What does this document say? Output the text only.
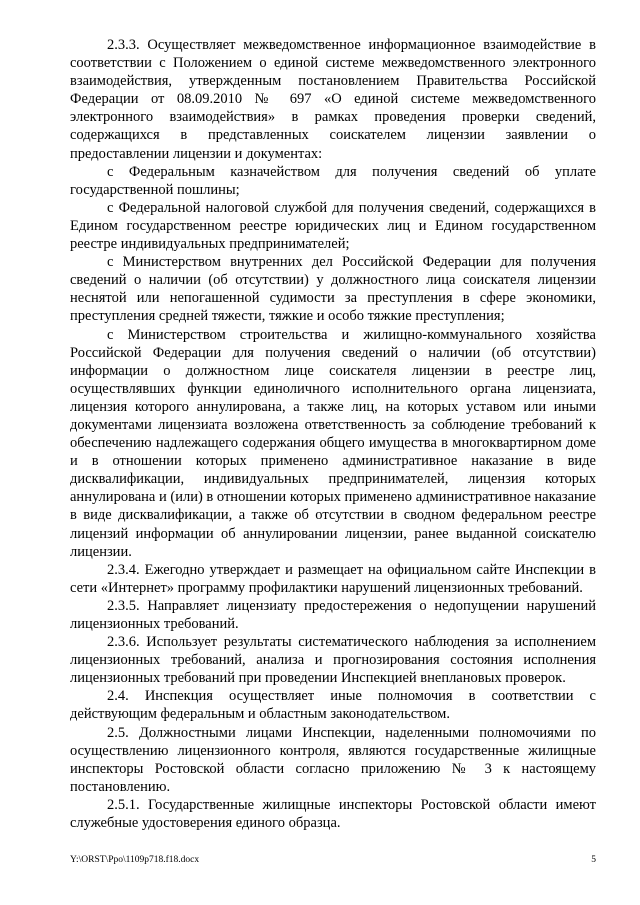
2.3.3. Осуществляет межведомственное информационное взаимодействие в соответствии с Положением о единой системе межведомственного электронного взаимодействия, утвержденным постановлением Правительства Российской Федерации от 08.09.2010 № 697 «О единой системе межведомственного электронного взаимодействия» в рамках проведения проверки сведений, содержащихся в представленных соискателем лицензии заявлении о предоставлении лицензии и документах:

с Федеральным казначейством для получения сведений об уплате государственной пошлины;

с Федеральной налоговой службой для получения сведений, содержащихся в Едином государственном реестре юридических лиц и Едином государственном реестре индивидуальных предпринимателей;

с Министерством внутренних дел Российской Федерации для получения сведений о наличии (об отсутствии) у должностного лица соискателя лицензии неснятой или непогашенной судимости за преступления в сфере экономики, преступления средней тяжести, тяжкие и особо тяжкие преступления;

с Министерством строительства и жилищно-коммунального хозяйства Российской Федерации для получения сведений о наличии (об отсутствии) информации о должностном лице соискателя лицензии в реестре лиц, осуществлявших функции единоличного исполнительного органа лицензиата, лицензия которого аннулирована, а также лиц, на которых уставом или иными документами лицензиата возложена ответственность за соблюдение требований к обеспечению надлежащего содержания общего имущества в многоквартирном доме и в отношении которых применено административное наказание в виде дисквалификации, индивидуальных предпринимателей, лицензия которых аннулирована и (или) в отношении которых применено административное наказание в виде дисквалификации, а также об отсутствии в сводном федеральном реестре лицензий информации об аннулировании лицензии, ранее выданной соискателю лицензии.

2.3.4. Ежегодно утверждает и размещает на официальном сайте Инспекции в сети «Интернет» программу профилактики нарушений лицензионных требований.

2.3.5. Направляет лицензиату предостережения о недопущении нарушений лицензионных требований.

2.3.6. Использует результаты систематического наблюдения за исполнением лицензионных требований, анализа и прогнозирования состояния исполнения лицензионных требований при проведении Инспекцией внеплановых проверок.

2.4. Инспекция осуществляет иные полномочия в соответствии с действующим федеральным и областным законодательством.

2.5. Должностными лицами Инспекции, наделенными полномочиями по осуществлению лицензионного контроля, являются государственные жилищные инспекторы Ростовской области согласно приложению № 3 к настоящему постановлению.

2.5.1. Государственные жилищные инспекторы Ростовской области имеют служебные удостоверения единого образца.

Y:\ORST\Ppo\1109p718.f18.docx	5
